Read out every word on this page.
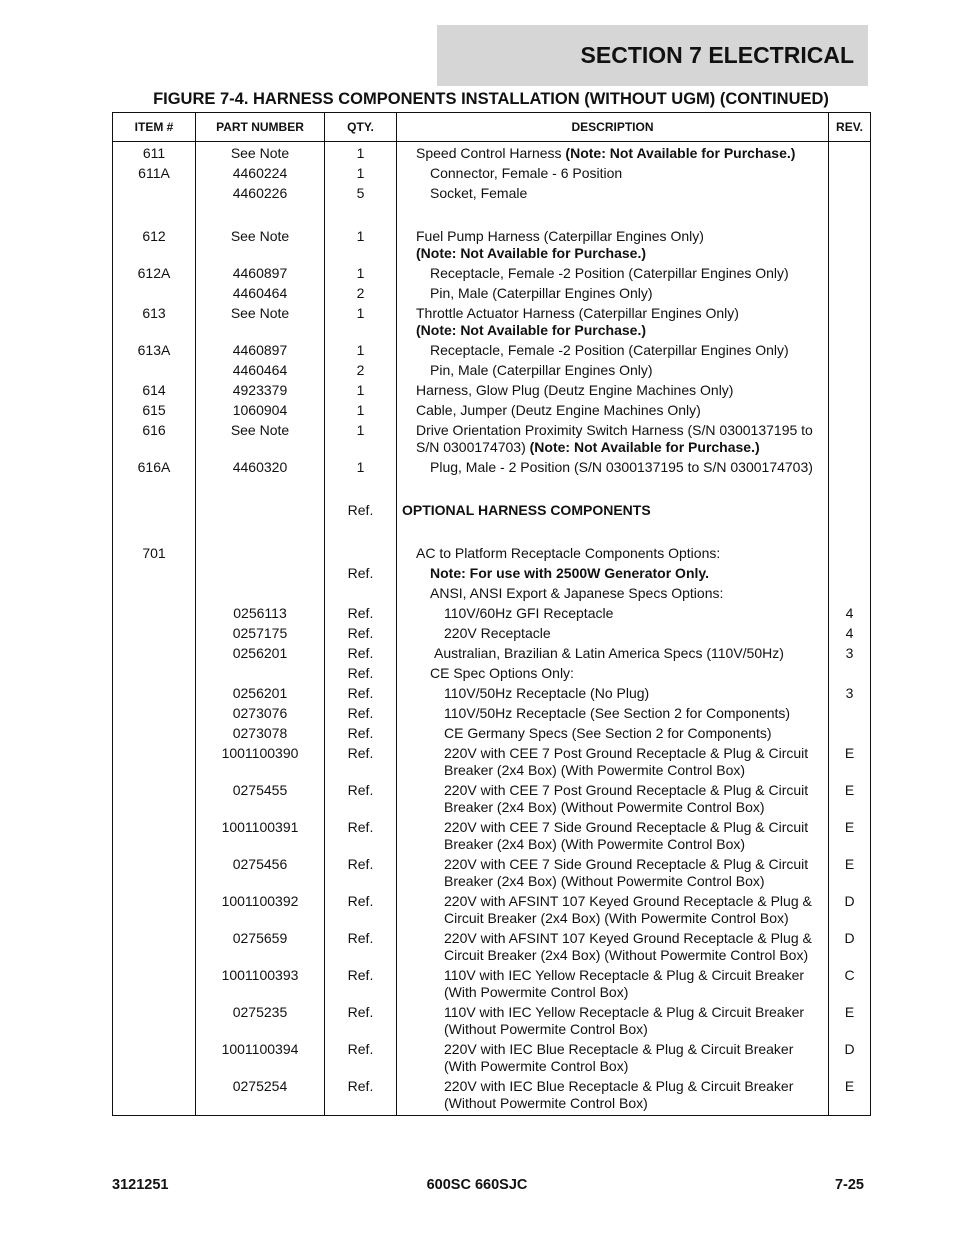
SECTION 7 ELECTRICAL
FIGURE 7-4. HARNESS COMPONENTS INSTALLATION (WITHOUT UGM) (CONTINUED)
ITEM #	PART NUMBER	QTY.	DESCRIPTION	REV.
611	See Note	1	Speed Control Harness (Note: Not Available for Purchase.)	

611A	4460224	1	Connector, Female - 6 Position	

	4460226	5	Socket, Female	

612	See Note	1	Fuel Pump Harness (Caterpillar Engines Only)
(Note: Not Available for Purchase.)	

612A	4460897	1	Receptacle, Female -2 Position (Caterpillar Engines Only)	

	4460464	2	Pin, Male (Caterpillar Engines Only)	

613	See Note	1	Throttle Actuator Harness (Caterpillar Engines Only)
(Note: Not Available for Purchase.)	

613A	4460897	1	Receptacle, Female -2 Position (Caterpillar Engines Only)	

	4460464	2	Pin, Male (Caterpillar Engines Only)	

614	4923379	1	Harness, Glow Plug (Deutz Engine Machines Only)	

615	1060904	1	Cable, Jumper (Deutz Engine Machines Only)	

616	See Note	1	Drive Orientation Proximity Switch Harness (S/N 0300137195 to S/N 0300174703) (Note: Not Available for Purchase.)	

616A	4460320	1	Plug, Male - 2 Position (S/N 0300137195 to S/N 0300174703)	

		Ref.	OPTIONAL HARNESS COMPONENTS	

701			AC to Platform Receptacle Components Options:	

		Ref.	Note: For use with 2500W Generator Only.	

			ANSI, ANSI Export & Japanese Specs Options:	

	0256113	Ref.	110V/60Hz GFI Receptacle	4
	0257175	Ref.	220V Receptacle	4
	0256201	Ref.	Australian, Brazilian & Latin America Specs (110V/50Hz)	3
		Ref.	CE Spec Options Only:	

	0256201	Ref.	110V/50Hz Receptacle (No Plug)	3
	0273076	Ref.	110V/50Hz Receptacle (See Section 2 for Components)	

	0273078	Ref.	CE Germany Specs (See Section 2 for Components)	

	1001100390	Ref.	220V with CEE 7 Post Ground Receptacle & Plug & Circuit Breaker (2x4 Box) (With Powermite Control Box)	E
	0275455	Ref.	220V with CEE 7 Post Ground Receptacle & Plug & Circuit Breaker (2x4 Box) (Without Powermite Control Box)	E
	1001100391	Ref.	220V with CEE 7 Side Ground Receptacle & Plug & Circuit Breaker (2x4 Box) (With Powermite Control Box)	E
	0275456	Ref.	220V with CEE 7 Side Ground Receptacle & Plug & Circuit Breaker (2x4 Box) (Without Powermite Control Box)	E
	1001100392	Ref.	220V with AFSINT 107 Keyed Ground Receptacle & Plug & Circuit Breaker (2x4 Box) (With Powermite Control Box)	D
	0275659	Ref.	220V with AFSINT 107 Keyed Ground Receptacle & Plug & Circuit Breaker (2x4 Box) (Without Powermite Control Box)	D
	1001100393	Ref.	110V with IEC Yellow Receptacle & Plug & Circuit Breaker (With Powermite Control Box)	C
	0275235	Ref.	110V with IEC Yellow Receptacle & Plug & Circuit Breaker (Without Powermite Control Box)	E
	1001100394	Ref.	220V with IEC Blue Receptacle & Plug & Circuit Breaker (With Powermite Control Box)	D
	0275254	Ref.	220V with IEC Blue Receptacle & Plug & Circuit Breaker (Without Powermite Control Box)	E
3121251	600SC 660SJC	7-25
